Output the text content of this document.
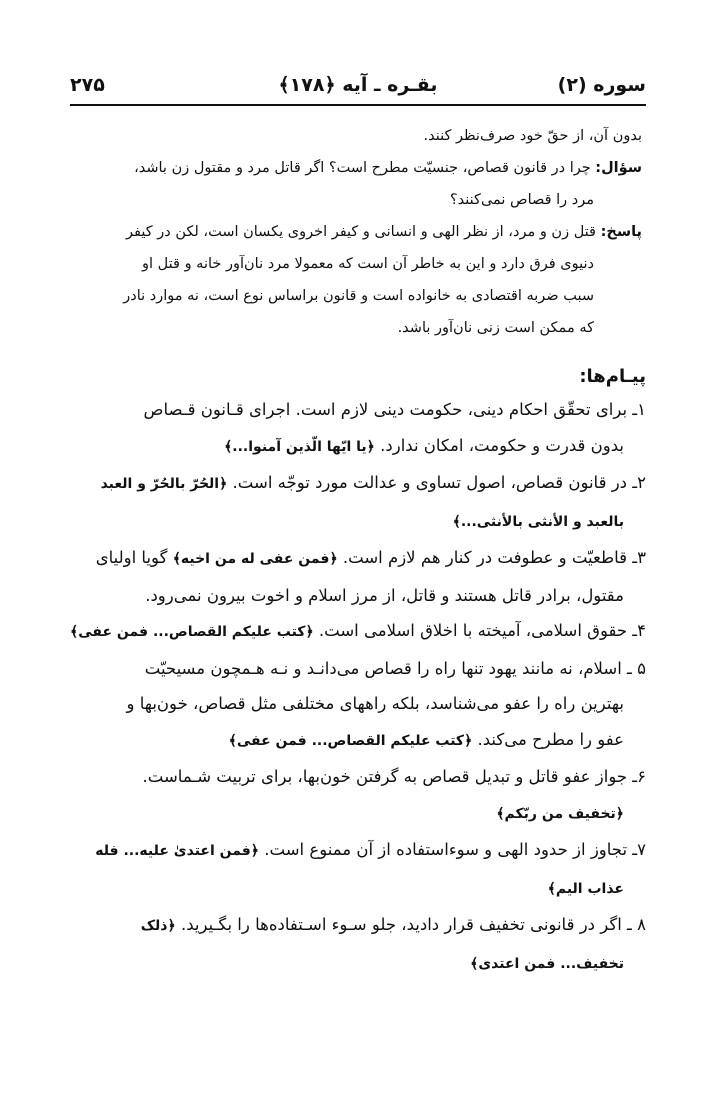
سوره (۲)
بقـره ـ آيه ﴿۱۷۸﴾
۲۷۵

بدون آن، از حقّ خود صرف‌نظر کنند.

سؤال: چرا در قانون قصاص، جنسيّت مطرح است؟ اگر قاتل مرد و مقتول زن باشد،

مرد را قصاص نمی‌کنند؟

پاسخ: قتل زن و مرد، از نظر الهی و انسانی و کیفر اخروی یکسان است، لکن در کیفر

دنيوی فرق دارد و اين به خاطر آن است که معمولا مرد نان‌آور خانه و قتل او

سبب ضربه اقتصادی به خانواده است و قانون براساس نوع است، نه موارد نادر

که ممکن است زنی نان‌آور باشد.

پيـام‌ها:

۱ـ برای تحقّق احکام دينی، حکومت دينی لازم است. اجرای قـانون قـصاص

بدون قدرت و حکومت، امکان ندارد. ﴿يا ايّها الّذين آمنوا...﴾

۲ـ در قانون قصاص، اصول تساوی و عدالت مورد توجّه است. ﴿الحُرّ بالحُرّ و العبد

بالعبد و الأنثی بالأنثی...﴾

۳ـ قاطعيّت و عطوفت در کنار هم لازم است. ﴿فمن عفی له من اخيه﴾ گويا اوليای

مقتول، برادر قاتل هستند و قاتل، از مرز اسلام و اخوت بيرون نمی‌رود.

۴ـ حقوق اسلامی، آميخته با اخلاق اسلامی است. ﴿کتب عليکم القصاص... فمن عفی﴾

۵ ـ اسلام، نه مانند يهود تنها راه را قصاص می‌دانـد و نـه هـمچون مسيحيّت

بهترين راه را عفو می‌شناسد، بلکه راههای مختلفی مثل قصاص، خون‌بها و

عفو را مطرح می‌کند. ﴿کتب عليکم القصاص... فمن عفی﴾

۶ـ جواز عفو قاتل و تبديل قصاص به گرفتن خون‌بها، برای تربيت شـماست.

﴿تخفيف من ربّکم﴾

۷ـ تجاوز از حدود الهی و سوءاستفاده از آن ممنوع است. ﴿فمن اعتدیٰ عليه... فله

عذاب اليم﴾

۸ ـ اگر در قانونی تخفيف قرار داديد، جلو سـوء اسـتفاده‌ها را بگـيريد. ﴿ذلک

تخفيف... فمن اعتدی﴾
